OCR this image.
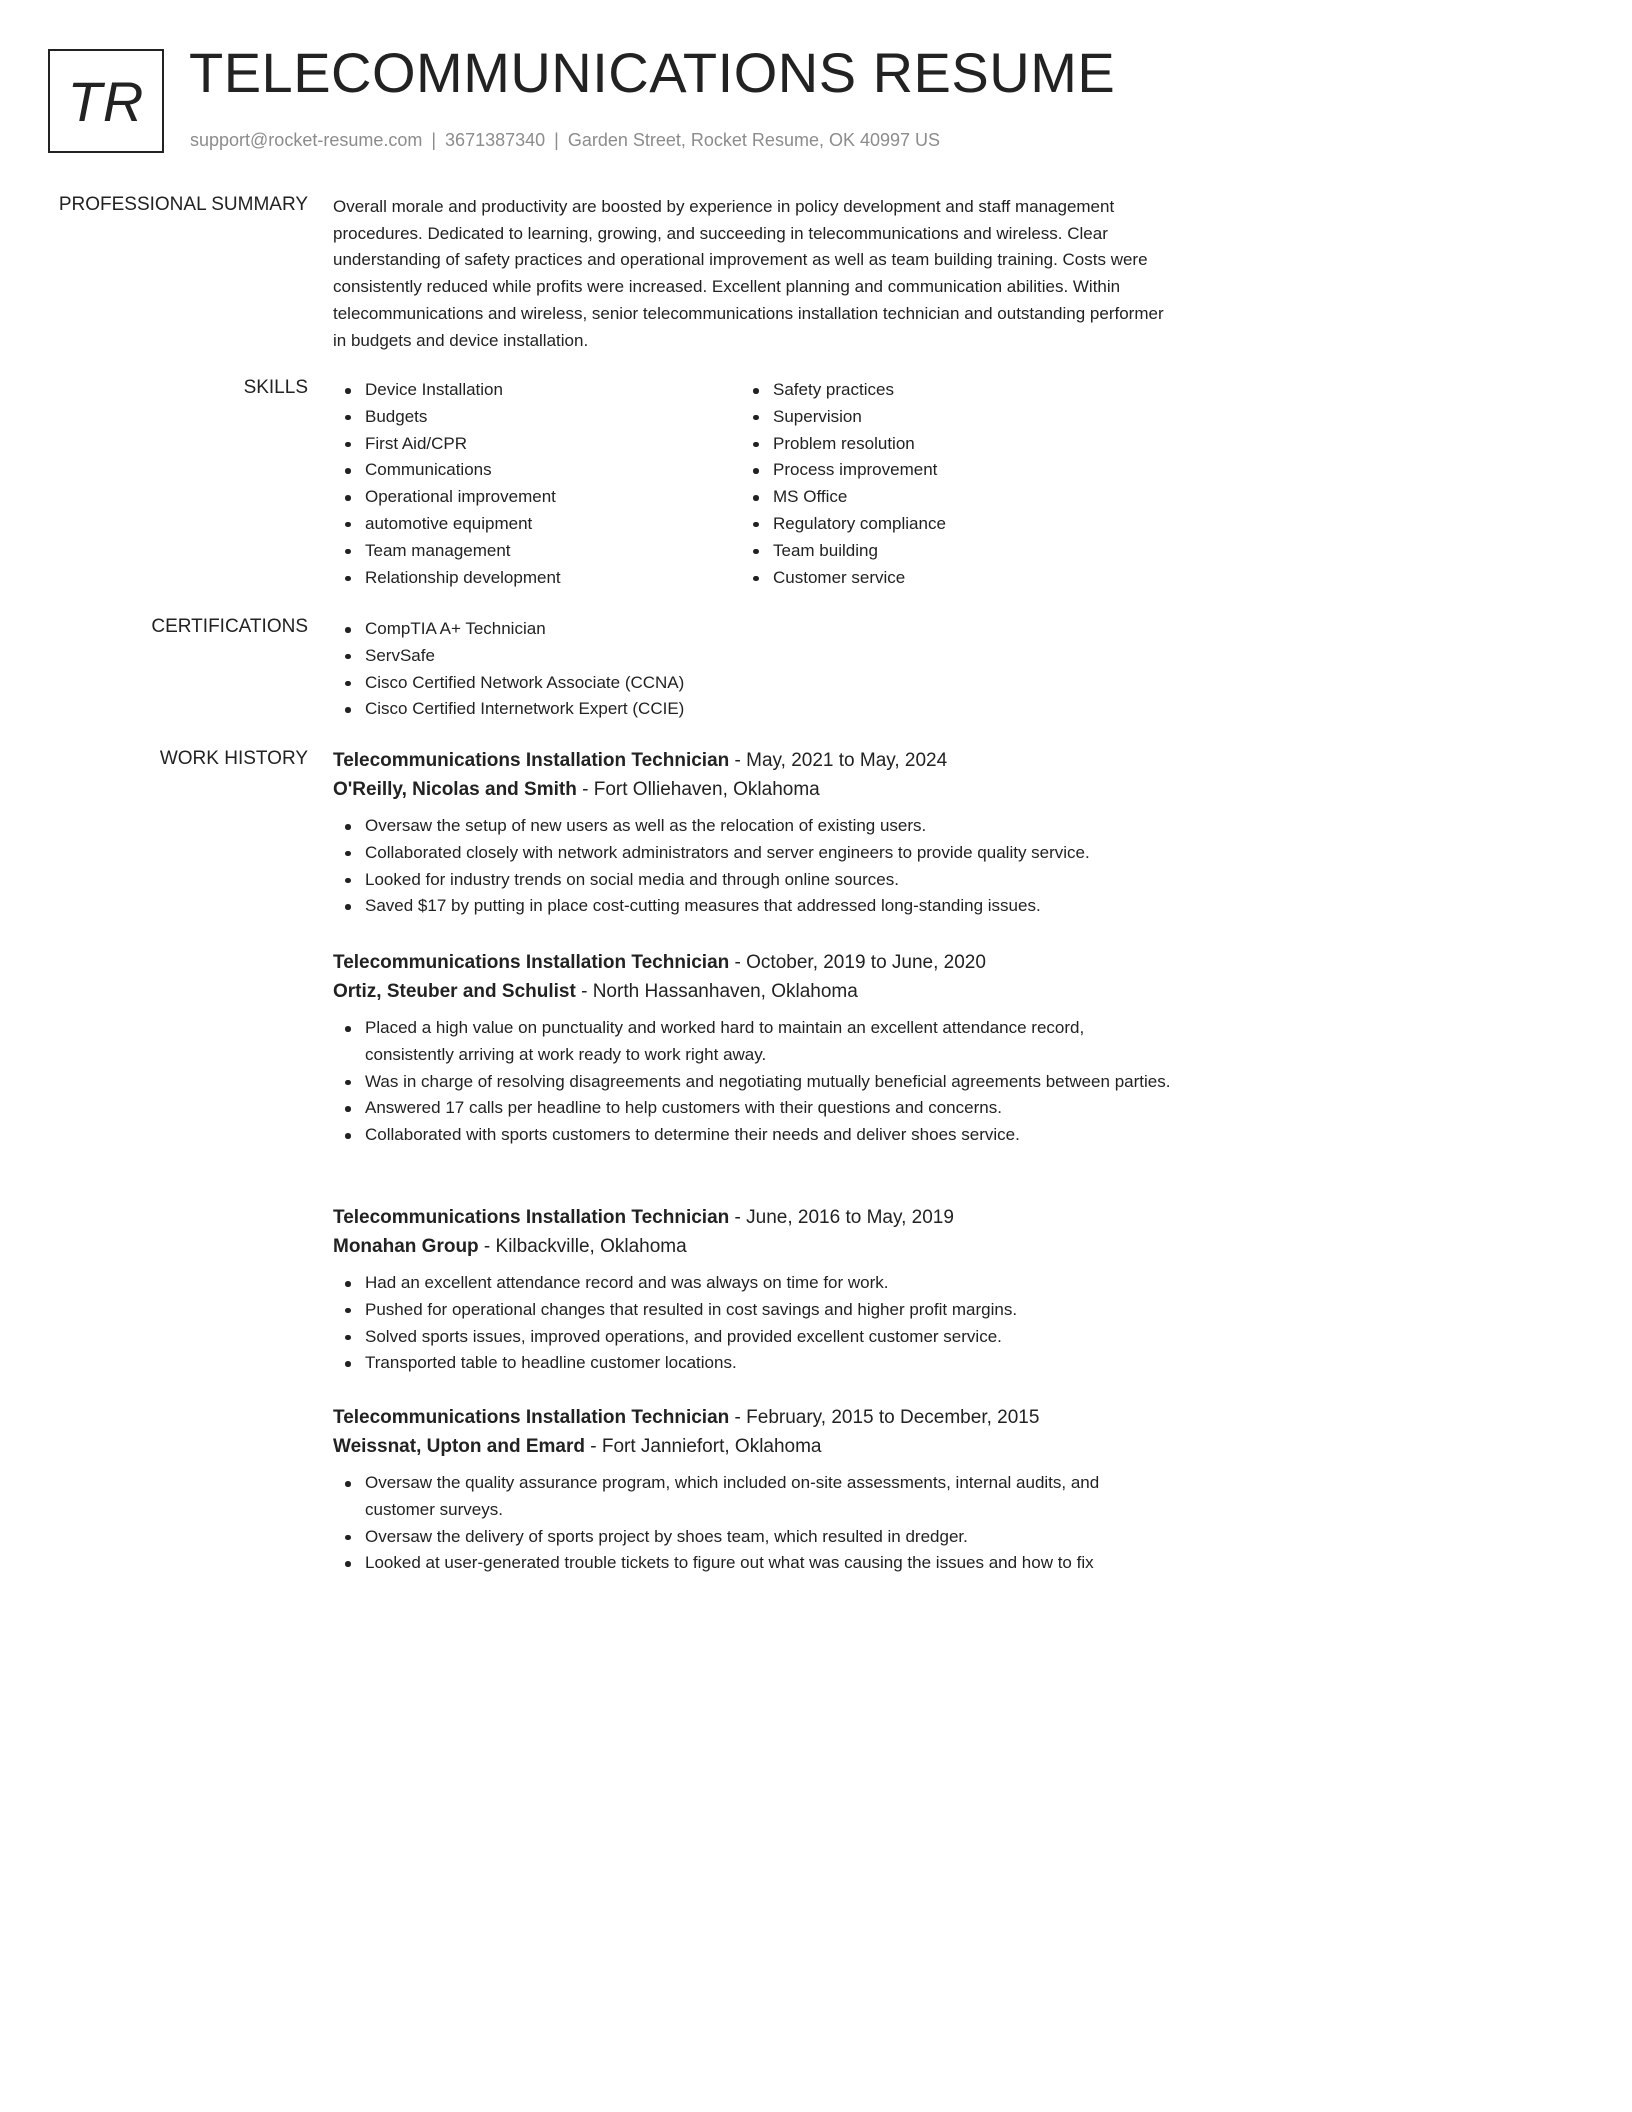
TR TELECOMMUNICATIONS RESUME
support@rocket-resume.com | 3671387340 | Garden Street, Rocket Resume, OK 40997 US
PROFESSIONAL SUMMARY Overall morale and productivity are boosted by experience in policy development and staff management procedures. Dedicated to learning, growing, and succeeding in telecommunications and wireless. Clear understanding of safety practices and operational improvement as well as team building training. Costs were consistently reduced while profits were increased. Excellent planning and communication abilities. Within telecommunications and wireless, senior telecommunications installation technician and outstanding performer in budgets and device installation.

SKILLS	Device Installation
Budgets
First Aid/CPR
Communications
Operational improvement
automotive equipment
Team management
Relationship development
Safety practices
Supervision
Problem resolution
Process improvement
MS Office
Regulatory compliance
Team building
Customer service
CERTIFICATIONS	CompTIA A+ Technician
ServSafe
Cisco Certified Network Associate (CCNA)
Cisco Certified Internetwork Expert (CCIE)
WORK HISTORY Telecommunications Installation Technician - May, 2021 to May, 2024
O'Reilly, Nicolas and Smith - Fort Olliehaven, Oklahoma
Oversaw the setup of new users as well as the relocation of existing users.
Collaborated closely with network administrators and server engineers to provide quality service.
Looked for industry trends on social media and through online sources.
Saved $17 by putting in place cost-cutting measures that addressed long-standing issues.
Telecommunications Installation Technician - October, 2019 to June, 2020
Ortiz, Steuber and Schulist - North Hassanhaven, Oklahoma
Placed a high value on punctuality and worked hard to maintain an excellent attendance record, consistently arriving at work ready to work right away.
Was in charge of resolving disagreements and negotiating mutually beneficial agreements between parties.
Answered 17 calls per headline to help customers with their questions and concerns.
Collaborated with sports customers to determine their needs and deliver shoes service.
Telecommunications Installation Technician - June, 2016 to May, 2019
Monahan Group - Kilbackville, Oklahoma
Had an excellent attendance record and was always on time for work.
Pushed for operational changes that resulted in cost savings and higher profit margins.
Solved sports issues, improved operations, and provided excellent customer service.
Transported table to headline customer locations.
Telecommunications Installation Technician - February, 2015 to December, 2015
Weissnat, Upton and Emard - Fort Janniefort, Oklahoma
Oversaw the quality assurance program, which included on-site assessments, internal audits, and customer surveys.
Oversaw the delivery of sports project by shoes team, which resulted in dredger.
Looked at user-generated trouble tickets to figure out what was causing the issues and how to fix
